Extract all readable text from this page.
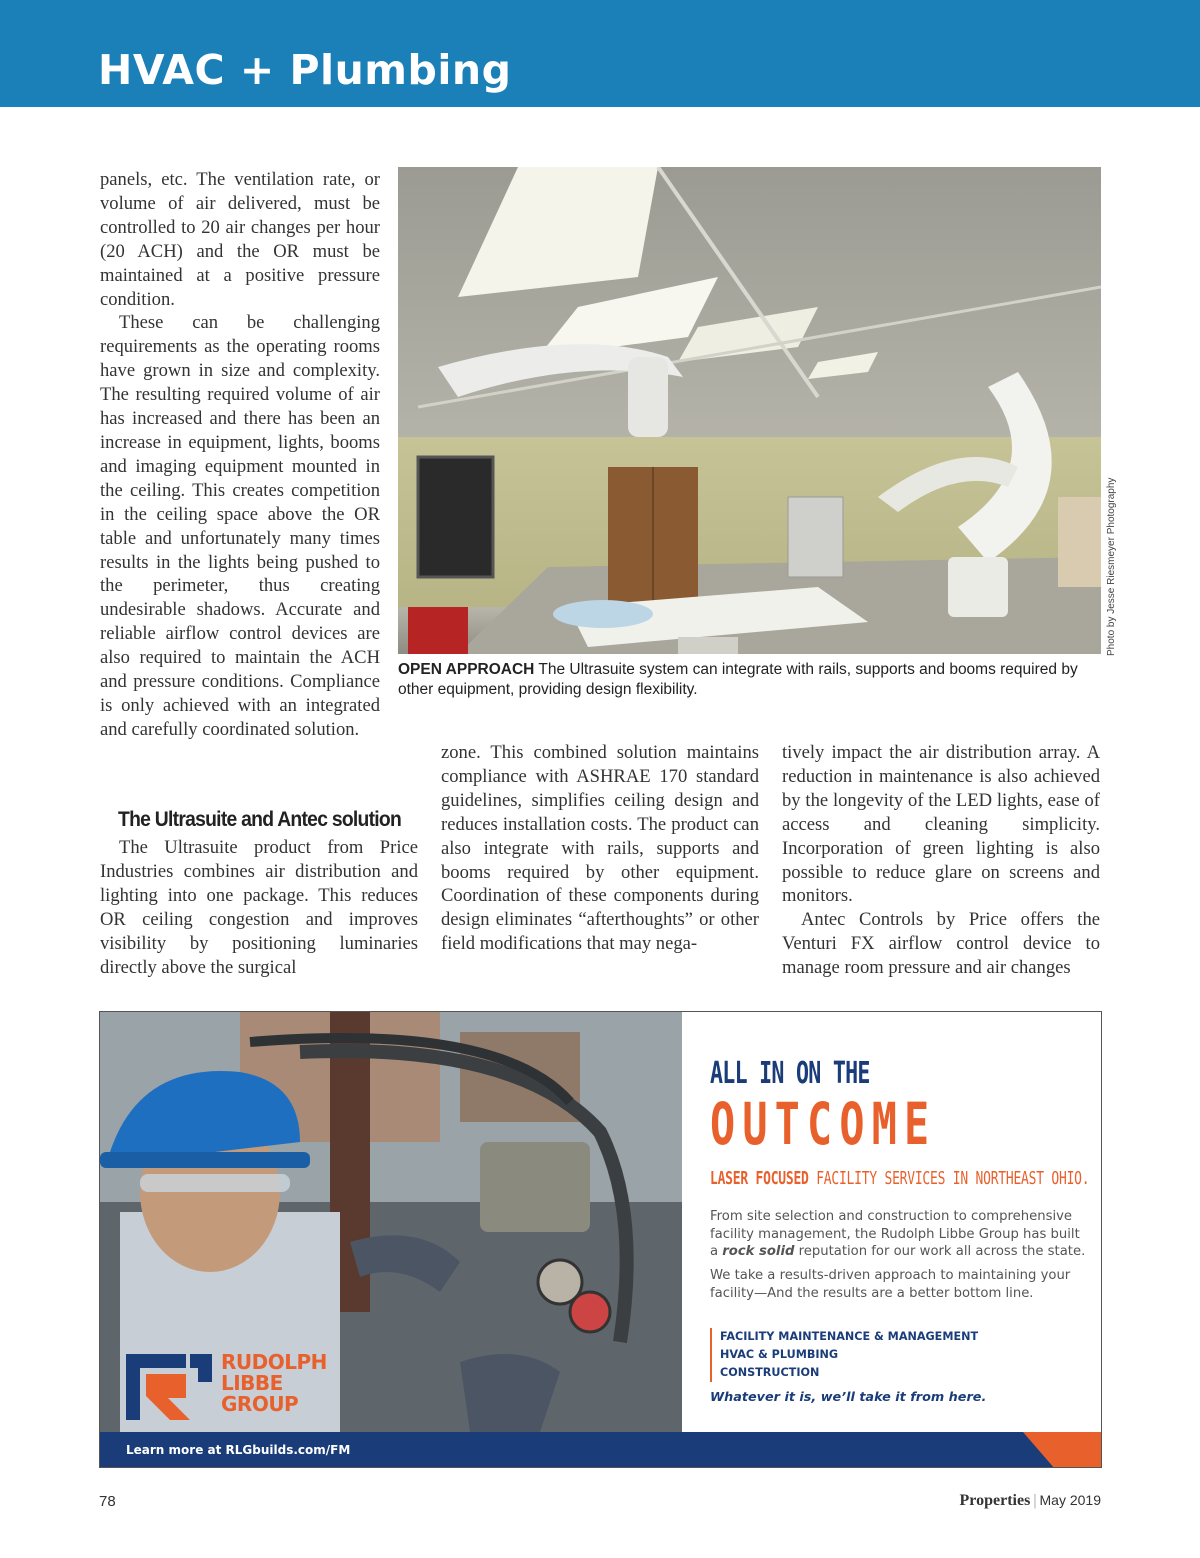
HVAC + Plumbing

panels, etc. The ventilation rate, or volume of air delivered, must be controlled to 20 air changes per hour (20 ACH) and the OR must be maintained at a positive pressure condition.

These can be challenging requirements as the operating rooms have grown in size and complexity. The resulting required volume of air has increased and there has been an increase in equipment, lights, booms and imaging equipment mounted in the ceiling. This creates competition in the ceiling space above the OR table and unfortunately many times results in the lights being pushed to the perimeter, thus creating undesirable shadows. Accurate and reliable airflow control devices are also required to maintain the ACH and pressure conditions. Compliance is only achieved with an integrated and carefully coordinated solution.

Photo by Jesse Riesmeyer Photography
OPEN APPROACH The Ultrasuite system can integrate with rails, supports and booms required by other equipment, providing design flexibility.
The Ultrasuite and Antec solution

The Ultrasuite product from Price Industries combines air distribution and lighting into one package. This reduces OR ceiling congestion and improves visibility by positioning luminaries directly above the surgical

zone. This combined solution maintains compliance with ASHRAE 170 standard guidelines, simplifies ceiling design and reduces installation costs. The product can also integrate with rails, supports and booms required by other equipment. Coordination of these components during design eliminates “afterthoughts” or other field modifications that may nega-

tively impact the air distribution array. A reduction in maintenance is also achieved by the longevity of the LED lights, ease of access and cleaning simplicity. Incorporation of green lighting is also possible to reduce glare on screens and monitors.

Antec Controls by Price offers the Venturi FX airflow control device to manage room pressure and air changes

RUDOLPH
LIBBE
GROUP
ALL IN ON THE
OUTCOME
LASER FOCUSED FACILITY SERVICES IN NORTHEAST OHIO.
From site selection and construction to comprehensive facility management, the Rudolph Libbe Group has built a rock solid reputation for our work all across the state.
We take a results-driven approach to maintaining your facility—And the results are a better bottom line.
FACILITY MAINTENANCE & MANAGEMENT
HVAC & PLUMBING
CONSTRUCTION
Whatever it is, we’ll take it from here.
Learn more at RLGbuilds.com/FM
78	Properties | May 2019
